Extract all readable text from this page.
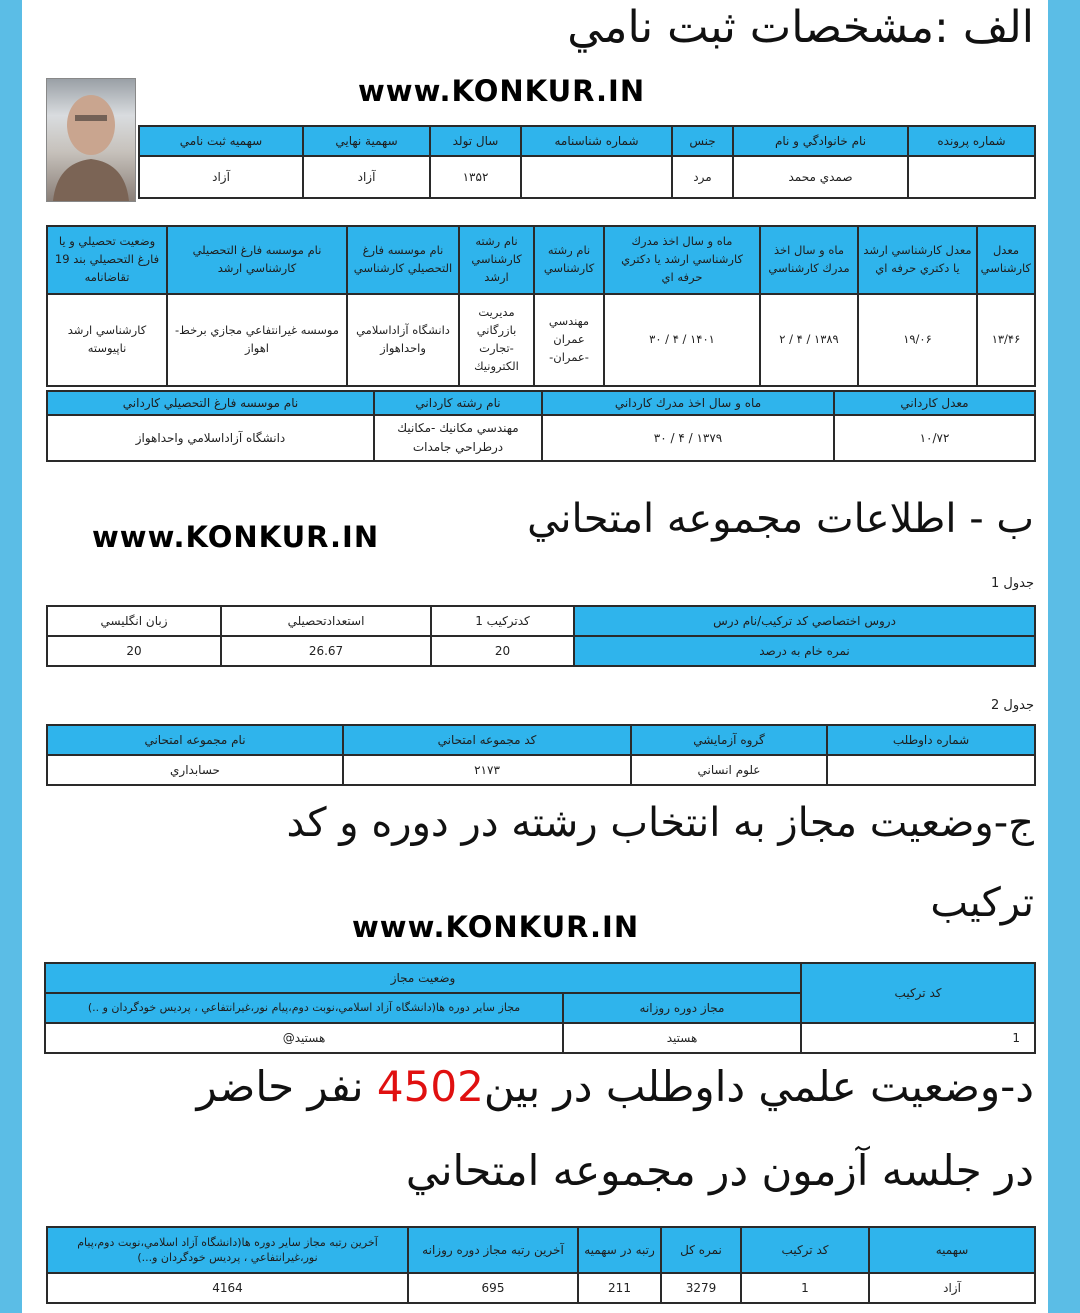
الف :مشخصات ثبت نامي
www.KONKUR.IN
شماره پرونده	نام خانوادگي و نام	جنس	شماره شناسنامه	سال تولد	سهمية نهايي	سهميه ثبت نامي
	صمدي محمد	مرد		۱۳۵۲	آزاد	آزاد
معدل كارشناسي	معدل كارشناسي ارشد يا دكتري حرفه اي	ماه و سال اخذ مدرك كارشناسي	ماه و سال اخذ مدرك كارشناسي ارشد يا دكتري حرفه اي	نام رشته كارشناسي	نام رشته كارشناسي ارشد	نام موسسه فارغ التحصيلي كارشناسي	نام موسسه فارغ التحصيلي كارشناسي ارشد	وضعيت تحصيلي و يا فارغ التحصيلي بند 19 تقاضانامه
۱۳/۴۶	۱۹/۰۶	۱۳۸۹ / ۴ / ۲	۱۴۰۱ / ۴ / ۳۰	مهندسي عمران -عمران-	مديريت بازرگاني -تجارت الكترونيك	دانشگاه آزاداسلامي واحداهواز	موسسه غيرانتفاعي مجازي برخط-اهواز	كارشناسي ارشد ناپيوسته
معدل كارداني	ماه و سال اخذ مدرك كارداني	نام رشته كارداني	نام موسسه فارغ التحصيلي كارداني
۱۰/۷۲	۱۳۷۹ / ۴ / ۳۰	مهندسي مكانيك -مكانيك درطراحي جامدات	دانشگاه آزاداسلامي واحداهواز
ب - اطلاعات مجموعه امتحاني
www.KONKUR.IN
جدول 1
دروس اختصاصي كد تركيب/نام درس	كدتركيب 1	استعدادتحصيلي	زبان انگليسي
نمره خام به درصد	20	26.67	20
جدول 2
شماره داوطلب	گروه آزمايشي	كد مجموعه امتحاني	نام مجموعه امتحاني
	علوم انساني	۲۱۷۳	حسابداري
ج-وضعيت مجاز به انتخاب رشته در دوره و كد
تركيب
www.KONKUR.IN
كد تركيب	وضعيت مجاز	
	مجاز دوره روزانه	مجاز ساير دوره ها(دانشگاه آزاد اسلامي،نوبت دوم،پيام نور،غيرانتفاعي ، پرديس خودگردان و ..)
1	هستيد	هستيد@
د-وضعيت علمي داوطلب در بين4502 نفر حاضر
در جلسه آزمون در مجموعه امتحاني
سهميه	كد تركيب	نمره كل	رتبه در سهميه	آخرين رتبه مجاز دوره روزانه	آخرين رتبه مجاز ساير دوره ها(دانشگاه آزاد اسلامي،نوبت دوم،پيام نور،غيرانتفاعي ، پرديس خودگردان و...)
آزاد	1	3279	211	695	4164
